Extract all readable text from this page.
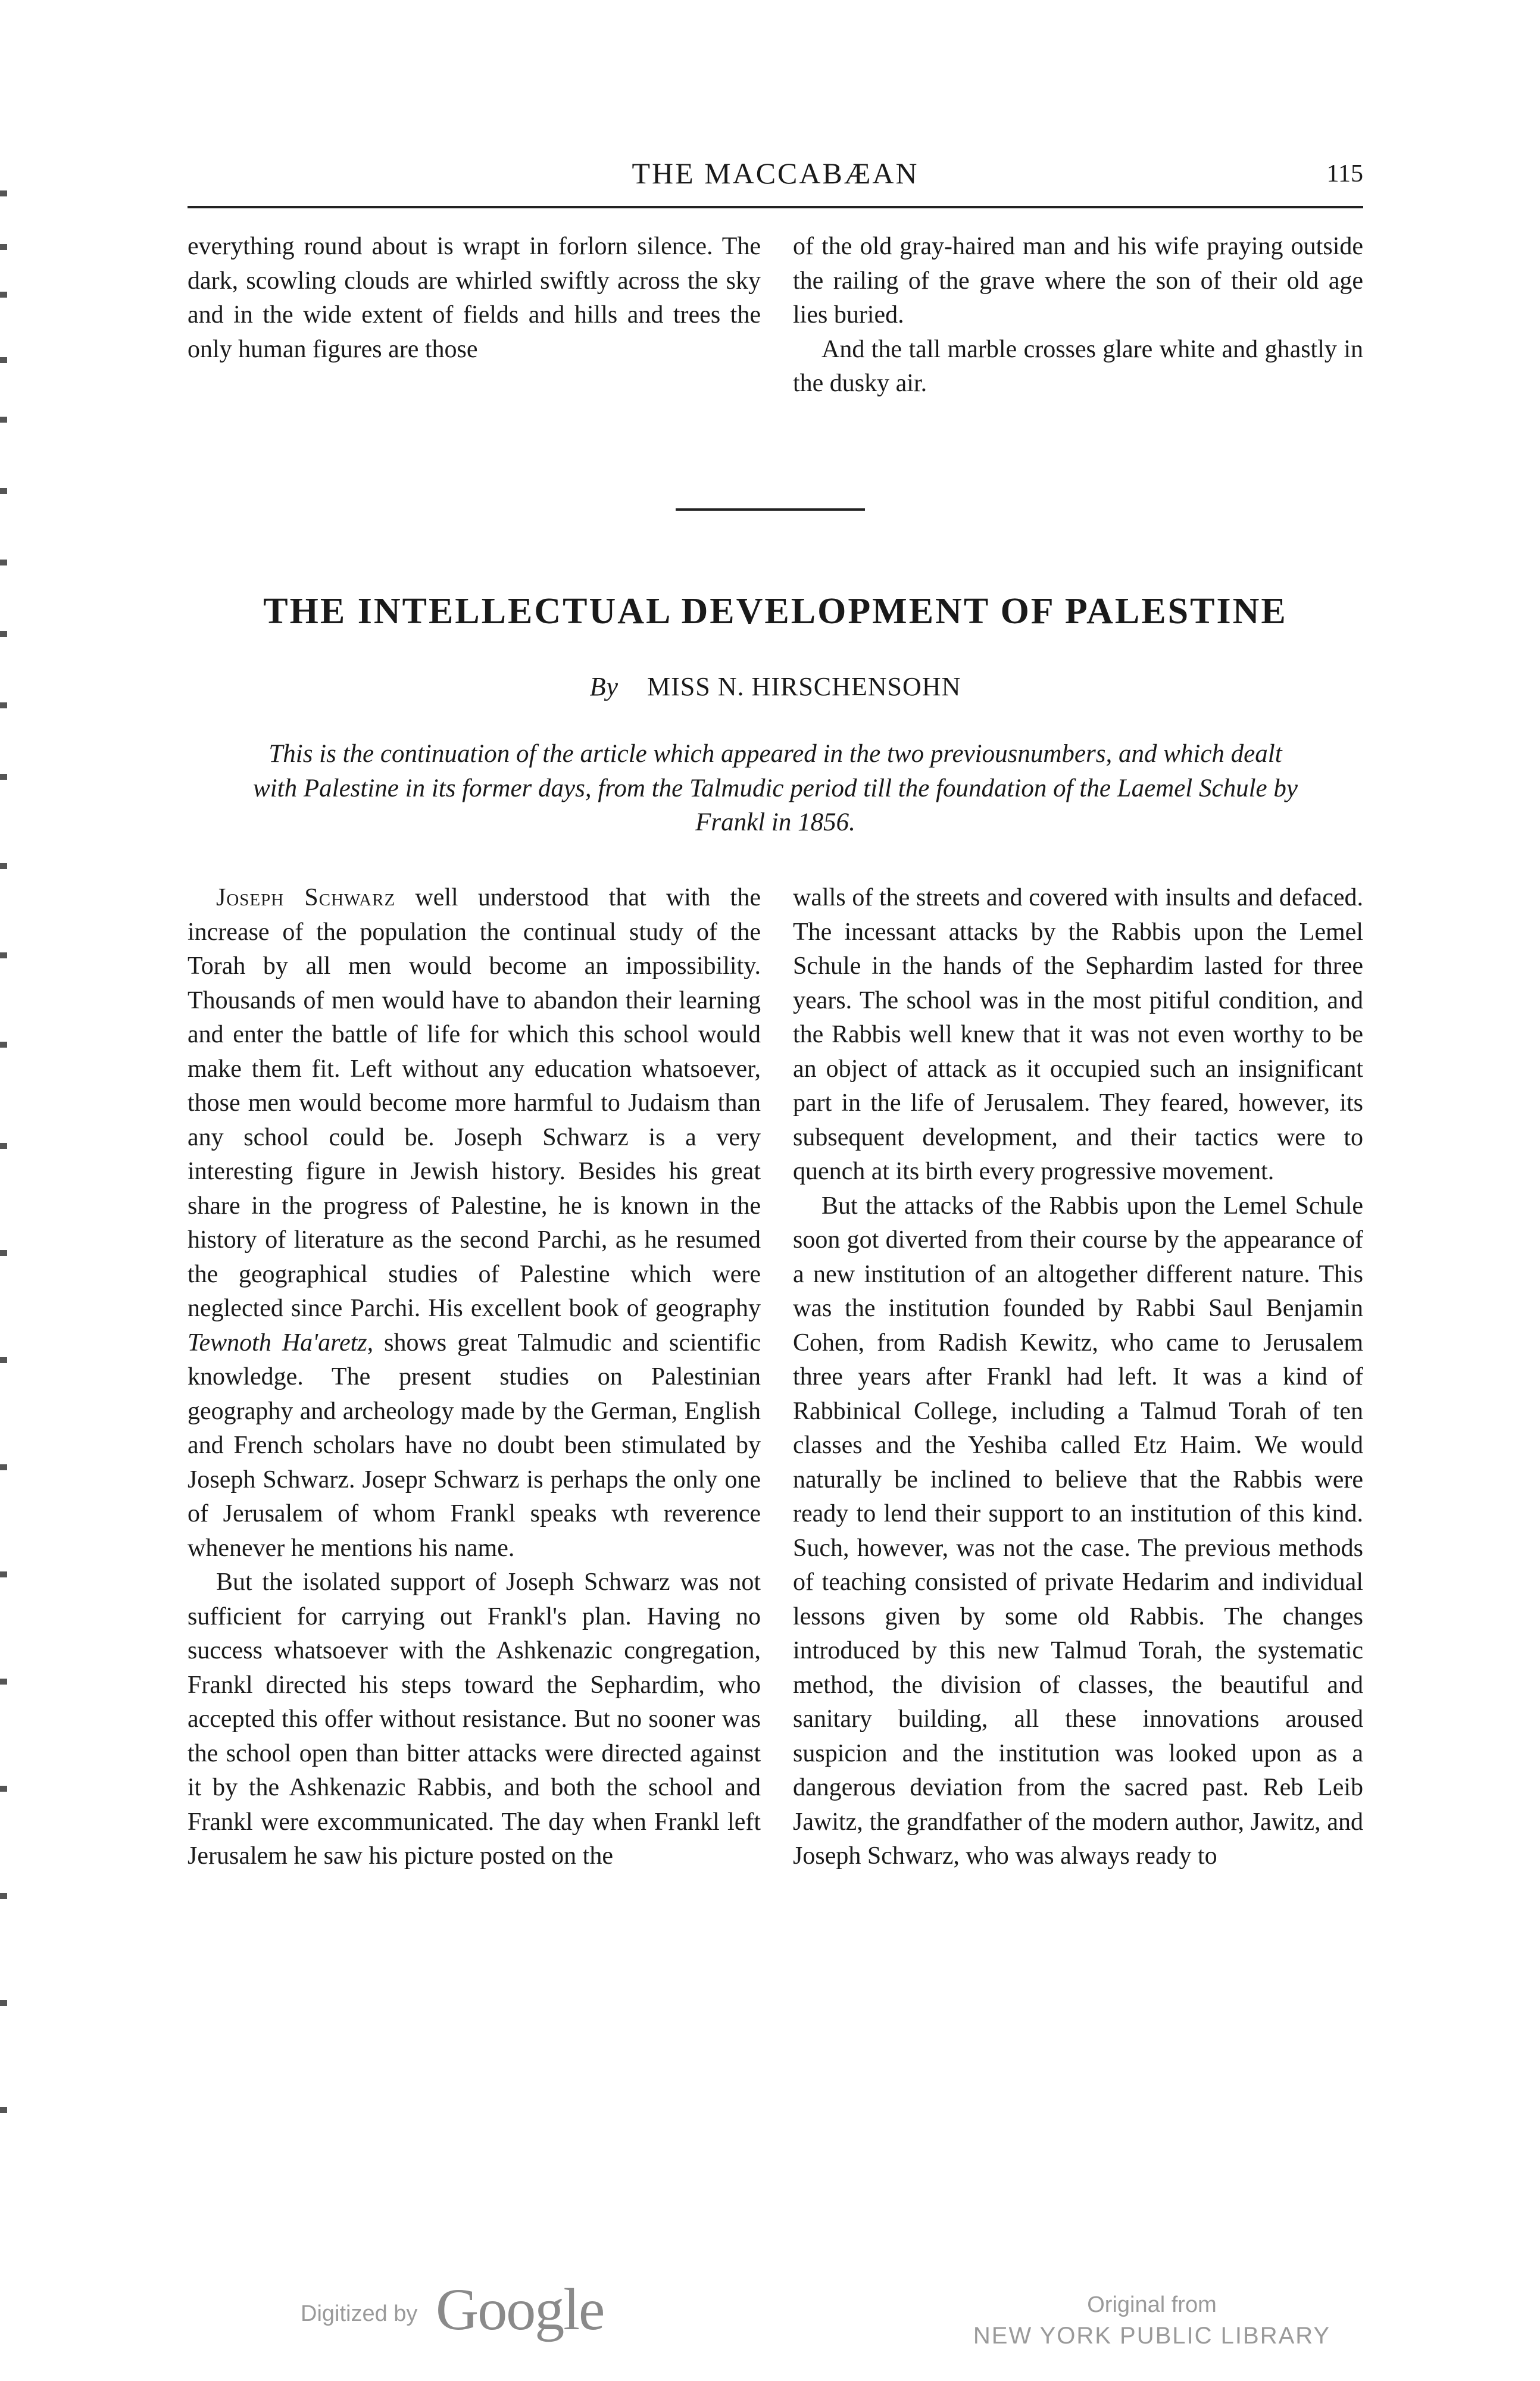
THE MACCABÆAN	115

everything round about is wrapt in forlorn silence. The dark, scowling clouds are whirled swiftly across the sky and in the wide extent of fields and hills and trees the only human figures are those

of the old gray-haired man and his wife praying outside the railing of the grave where the son of their old age lies buried.

And the tall marble crosses glare white and ghastly in the dusky air.

THE INTELLECTUAL DEVELOPMENT OF PALESTINE
By MISS N. HIRSCHENSOHN
This is the continuation of the article which appeared in the two previousnumbers, and which dealt with Palestine in its former days, from the Talmudic period till the foundation of the Laemel Schule by Frankl in 1856.

Joseph Schwarz well understood that with the increase of the population the continual study of the Torah by all men would become an impossibility. Thousands of men would have to abandon their learning and enter the battle of life for which this school would make them fit. Left without any education whatsoever, those men would become more harmful to Judaism than any school could be. Joseph Schwarz is a very interesting figure in Jewish history. Besides his great share in the progress of Palestine, he is known in the history of literature as the second Parchi, as he resumed the geographical studies of Palestine which were neglected since Parchi. His excellent book of geography Tewnoth Ha'aretz, shows great Talmudic and scientific knowledge. The present studies on Palestinian geography and archeology made by the German, English and French scholars have no doubt been stimulated by Joseph Schwarz. Josepr Schwarz is perhaps the only one of Jerusalem of whom Frankl speaks wth reverence whenever he mentions his name.

But the isolated support of Joseph Schwarz was not sufficient for carrying out Frankl's plan. Having no success whatsoever with the Ashkenazic congregation, Frankl directed his steps toward the Sephardim, who accepted this offer without resistance. But no sooner was the school open than bitter attacks were directed against it by the Ashkenazic Rabbis, and both the school and Frankl were excommunicated. The day when Frankl left Jerusalem he saw his picture posted on the

walls of the streets and covered with insults and defaced. The incessant attacks by the Rabbis upon the Lemel Schule in the hands of the Sephardim lasted for three years. The school was in the most pitiful condition, and the Rabbis well knew that it was not even worthy to be an object of attack as it occupied such an insignificant part in the life of Jerusalem. They feared, however, its subsequent development, and their tactics were to quench at its birth every progressive movement.

But the attacks of the Rabbis upon the Lemel Schule soon got diverted from their course by the appearance of a new institution of an altogether different nature. This was the institution founded by Rabbi Saul Benjamin Cohen, from Radish Kewitz, who came to Jerusalem three years after Frankl had left. It was a kind of Rabbinical College, including a Talmud Torah of ten classes and the Yeshiba called Etz Haim. We would naturally be inclined to believe that the Rabbis were ready to lend their support to an institution of this kind. Such, however, was not the case. The previous methods of teaching consisted of private Hedarim and individual lessons given by some old Rabbis. The changes introduced by this new Talmud Torah, the systematic method, the division of classes, the beautiful and sanitary building, all these innovations aroused suspicion and the institution was looked upon as a dangerous deviation from the sacred past. Reb Leib Jawitz, the grandfather of the modern author, Jawitz, and Joseph Schwarz, who was always ready to

Digitized by Google	Original from
NEW YORK PUBLIC LIBRARY
